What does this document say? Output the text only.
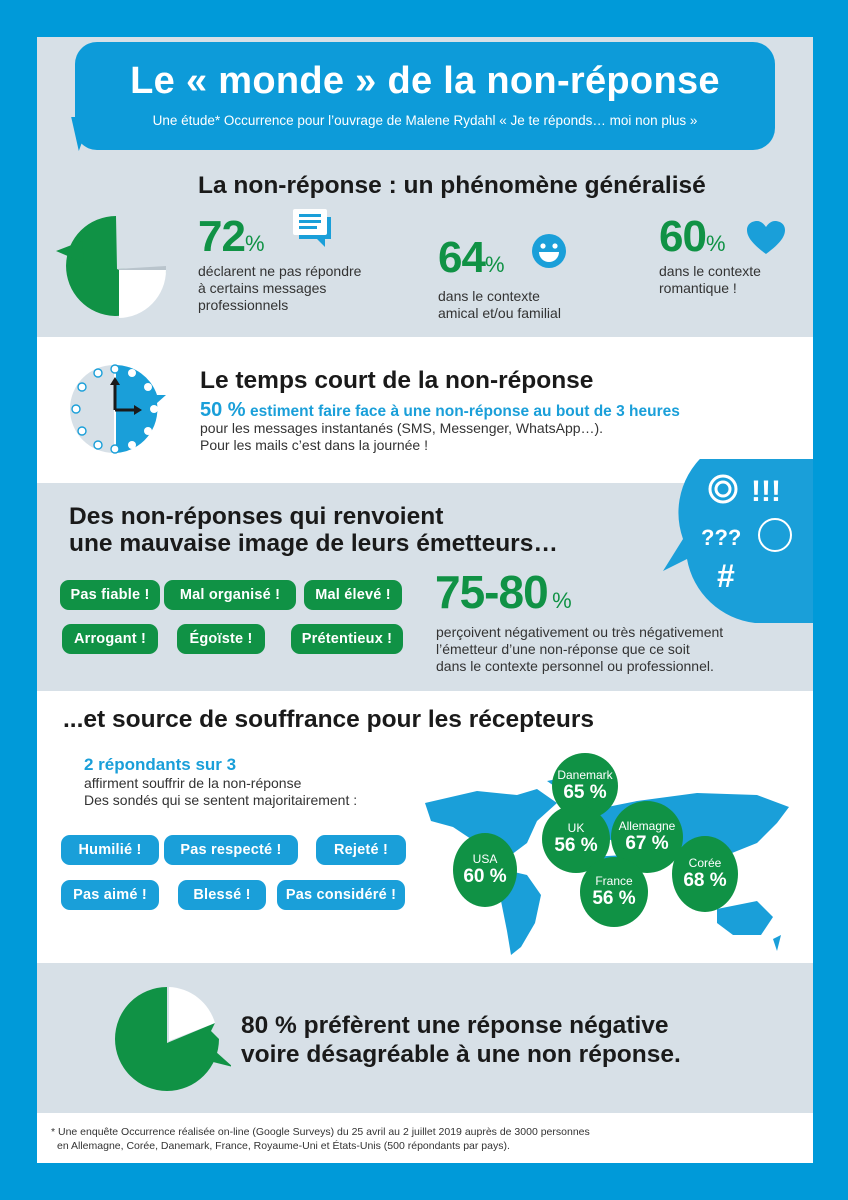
Le « monde » de la non-réponse
Une étude* Occurrence pour l’ouvrage de Malene Rydahl « Je te réponds… moi non plus »
La non-réponse : un phénomène généralisé
72%
déclarent ne pas répondre
à certains messages
professionnels
64%
dans le contexte
amical et/ou familial
60%
dans le contexte
romantique !
Le temps court de la non-réponse
50 % estiment faire face à une non-réponse au bout de 3 heures
pour les messages instantanés (SMS, Messenger, WhatsApp…).
Pour les mails c’est dans la journée !
Des non-réponses qui renvoient
une mauvaise image de leurs émetteurs…
Pas fiable ! Mal organisé ! Mal élevé !
Arrogant !	Égoïste !	Prétentieux !
75-80 %
perçoivent négativement ou très négativement
l’émetteur d’une non-réponse que ce soit
dans le contexte personnel ou professionnel.
!!!
???
#
...et source de souffrance pour les récepteurs
2 répondants sur 3
affirment souffrir de la non-réponse
Des sondés qui se sentent majoritairement :
Humilié !	Pas respecté !	Rejeté !
Pas aimé !	Blessé ! Pas considéré !
Danemark
65 %
UK
56 %
Allemagne
67 %
USA
60 %	France
56 %
Corée
68 %
80 % préfèrent une réponse négative
voire désagréable à une non réponse.
* Une enquête Occurrence réalisée on-line (Google Surveys) du 25 avril au 2 juillet 2019 auprès de 3000 personnes
en Allemagne, Corée, Danemark, France, Royaume-Uni et États-Unis (500 répondants par pays).
